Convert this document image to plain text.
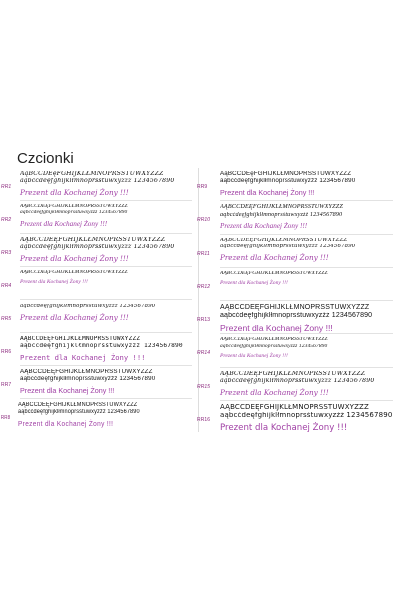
Czcionki
RR1
AąBCĆDEęFGHIJKLŁMNOPRSŚTUWXYZŹŻ
aąbcćdeęfghijklłmnoprsśtuwxyzźż 1234567890
Prezent dla Kochanej Żony !!!
RR2
AĄBCĆDEĘFGHIJKLŁMNOPRSŚTUWXYZŹŻ
aąbcćdeęfghijklłmnoprsśtuwxyzźż 1234567890
Prezent dla Kochanej Żony !!!
RR3
AĄBCĆDEĘFGHIJKLŁMNOPRSŚTUWXYZŹŻ
aąbcćdeęfghijklłmnoprsśtuwxyzźż 1234567890
Prezent dla Kochanej Żony !!!
RR4
AĄBCĆDEĘFGHIJKLŁMNOPRSŚTUWXYZŹŻ
Prezent dla Kochanej Żony !!!
RR5
aąbcćdeęfghijklłmnoprsśtuwxyzźż 1234567890
Prezent dla Kochanej Żony !!!
RR6
AĄBCĆDEĘFGHIJKLŁMNOPRSŚTUWXYZŹŻ
aąbcćdeęfghijklłmnoprsśtuwxyzźż 1234567890
Prezent dla Kochanej Żony !!!
RR7
AĄBCĆDEĘFGHIJKLŁMNOPRSŚTUWXYZŹŻ
aąbcćdeęfghijklłmnoprsśtuwxyzźż 1234567890
Prezent dla Kochanej Żony !!!
RR8
AĄBCĆDEĘFGHIJKLŁMNOPRSŚTUWXYZŹŻ
aąbcćdeęfghijklłmnoprsśtuwxyzźż 1234567890
Prezent dla Kochanej Żony !!!
RR9
AąBCĆDEęFGHIJKLŁMNOPRSŚTUWXYZŹŻ
aąbcćdeęfghijklłmnoprsśtuwxyzźż 1234567890
Prezent dla Kochanej Żony !!!
RR10
AĄBCĆDEĘFGHIJKLŁMNOPRSŚTUWXYZŹŻ
aąbcćdeęfghijklłmnoprsśtuwxyzźż 1234567890
Prezent dla Kochanej Żony !!!
RR11
AĄBCĆDEĘFGHIJKLŁMNOPRSŚTUWXYZŹŻ
aąbcćdeęfghijklłmnoprsśtuwxyzźż 1234567890
Prezent dla Kochanej Żony !!!
RR12
AĄBCĆDEĘFGHIJKLŁMNOPRSŚTUWXYZŹŻ
Prezent dla Kochanej Żony !!!
RR13
AĄBCĆDEĘFGHIJKLŁMNOPRSŚTUWXYZŹŻ
aąbcćdeęfghijklłmnoprsśtuwxyzźż 1234567890
Prezent dla Kochanej Żony !!!
RR14
AĄBCĆDEĘFGHIJKLŁMNOPRSŚTUWXYZŹŻ
aąbcćdeęfghijklłmnoprsśtuwxyzźż 1234567890
Prezent dla Kochanej Żony !!!
RR15
AĄBCĆDEĘFGHIJKLŁMNOPRSŚTUWXYZŹŻ
aąbcćdeęfghijklłmnoprsśtuwxyzźż 1234567890
Prezent dla Kochanej Żony !!!
RR16
AĄBCĆDEĘFGHIJKLŁMNOPRSŚTUWXYZŹŻ
aąbcćdeęfghijklłmnoprsśtuwxyzźż 1234567890
Prezent dla Kochanej Żony !!!
